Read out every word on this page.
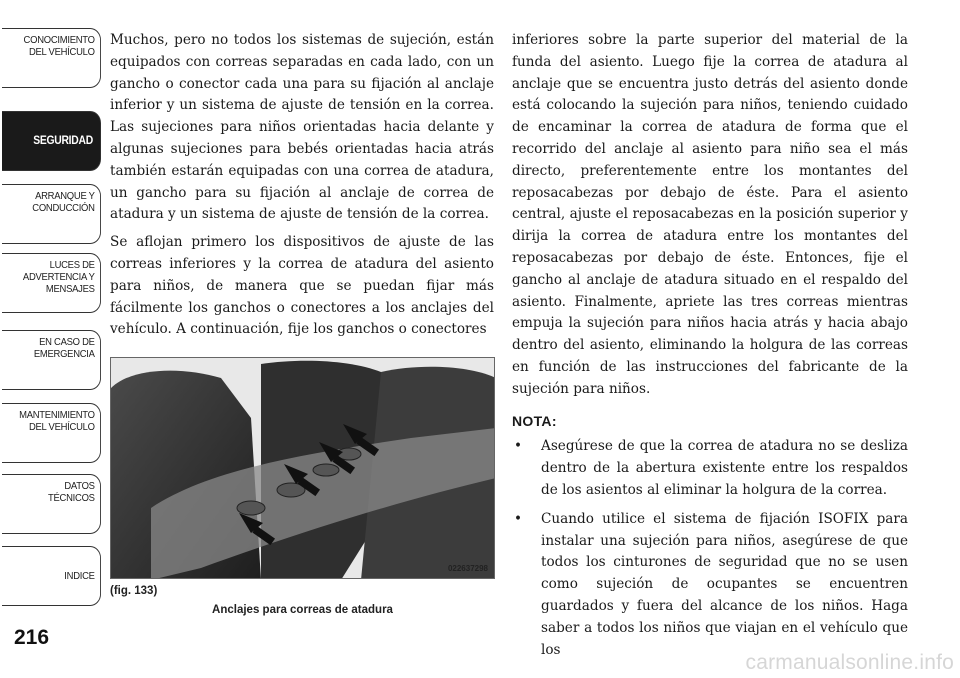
CONOCIMIENTO
DEL VEHÍCULO
SEGURIDAD
ARRANQUE Y
CONDUCCIÓN
LUCES DE
ADVERTENCIA Y
MENSAJES
EN CASO DE
EMERGENCIA
MANTENIMIENTO
DEL VEHÍCULO
DATOS
TÉCNICOS
INDICE
216

Muchos, pero no todos los sistemas de sujeción, están equipados con correas separadas en cada lado, con un gancho o conector cada una para su fijación al anclaje inferior y un sistema de ajuste de tensión en la correa. Las sujeciones para niños orientadas hacia delante y algunas sujeciones para bebés orientadas hacia atrás también estarán equipadas con una correa de atadura, un gancho para su fijación al anclaje de correa de atadura y un sistema de ajuste de tensión de la correa.

Se aflojan primero los dispositivos de ajuste de las correas inferiores y la correa de atadura del asiento para niños, de manera que se puedan fijar más fácilmente los ganchos o conectores a los anclajes del vehículo. A continuación, fije los ganchos o conectores

022637298
(fig. 133)
Anclajes para correas de atadura

inferiores sobre la parte superior del material de la funda del asiento. Luego fije la correa de atadura al anclaje que se encuentra justo detrás del asiento donde está colocando la sujeción para niños, teniendo cuidado de encaminar la correa de atadura de forma que el recorrido del anclaje al asiento para niño sea el más directo, preferentemente entre los montantes del reposacabezas por debajo de éste. Para el asiento central, ajuste el reposacabezas en la posición superior y dirija la correa de atadura entre los montantes del reposacabezas por debajo de éste. Entonces, fije el gancho al anclaje de atadura situado en el respaldo del asiento. Finalmente, apriete las tres correas mientras empuja la sujeción para niños hacia atrás y hacia abajo dentro del asiento, eliminando la holgura de las correas en función de las instrucciones del fabricante de la sujeción para niños.

NOTA:
• Asegúrese de que la correa de atadura no se desliza dentro de la abertura existente entre los respaldos de los asientos al eliminar la holgura de la correa.
• Cuando utilice el sistema de fijación ISOFIX para instalar una sujeción para niños, asegúrese de que todos los cinturones de seguridad que no se usen como sujeción de ocupantes se encuentren guardados y fuera del alcance de los niños. Haga saber a todos los niños que viajan en el vehículo que los
carmanualsonline.info
